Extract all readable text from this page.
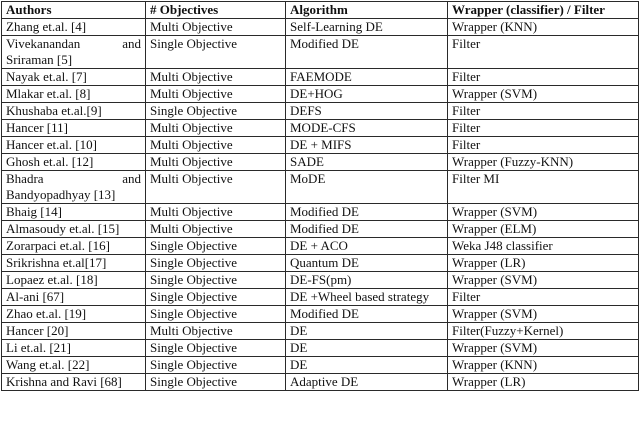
Authors	# Objectives	Algorithm	Wrapper (classifier) / Filter
Zhang et.al. [4]	Multi Objective	Self-Learning DE	Wrapper (KNN)
Vivekanandan and Sriraman [5]	Single Objective	Modified DE	Filter
Nayak et.al. [7]	Multi Objective	FAEMODE	Filter
Mlakar et.al. [8]	Multi Objective	DE+HOG	Wrapper (SVM)
Khushaba et.al.[9]	Single Objective	DEFS	Filter
Hancer [11]	Multi Objective	MODE-CFS	Filter
Hancer et.al. [10]	Multi Objective	DE + MIFS	Filter
Ghosh et.al. [12]	Multi Objective	SADE	Wrapper (Fuzzy-KNN)
Bhadra and Bandyopadhyay [13]	Multi Objective	MoDE	Filter MI
Bhaig [14]	Multi Objective	Modified DE	Wrapper (SVM)
Almasoudy et.al. [15]	Multi Objective	Modified DE	Wrapper (ELM)
Zorarpaci et.al. [16]	Single Objective	DE + ACO	Weka J48 classifier
Srikrishna et.al[17]	Single Objective	Quantum DE	Wrapper (LR)
Lopaez et.al. [18]	Single Objective	DE-FS(pm)	Wrapper (SVM)
Al-ani [67]	Single Objective	DE +Wheel based strategy	Filter
Zhao et.al. [19]	Single Objective	Modified DE	Wrapper (SVM)
Hancer [20]	Multi Objective	DE	Filter(Fuzzy+Kernel)
Li et.al. [21]	Single Objective	DE	Wrapper (SVM)
Wang et.al. [22]	Single Objective	DE	Wrapper (KNN)
Krishna and Ravi [68]	Single Objective	Adaptive DE	Wrapper (LR)
